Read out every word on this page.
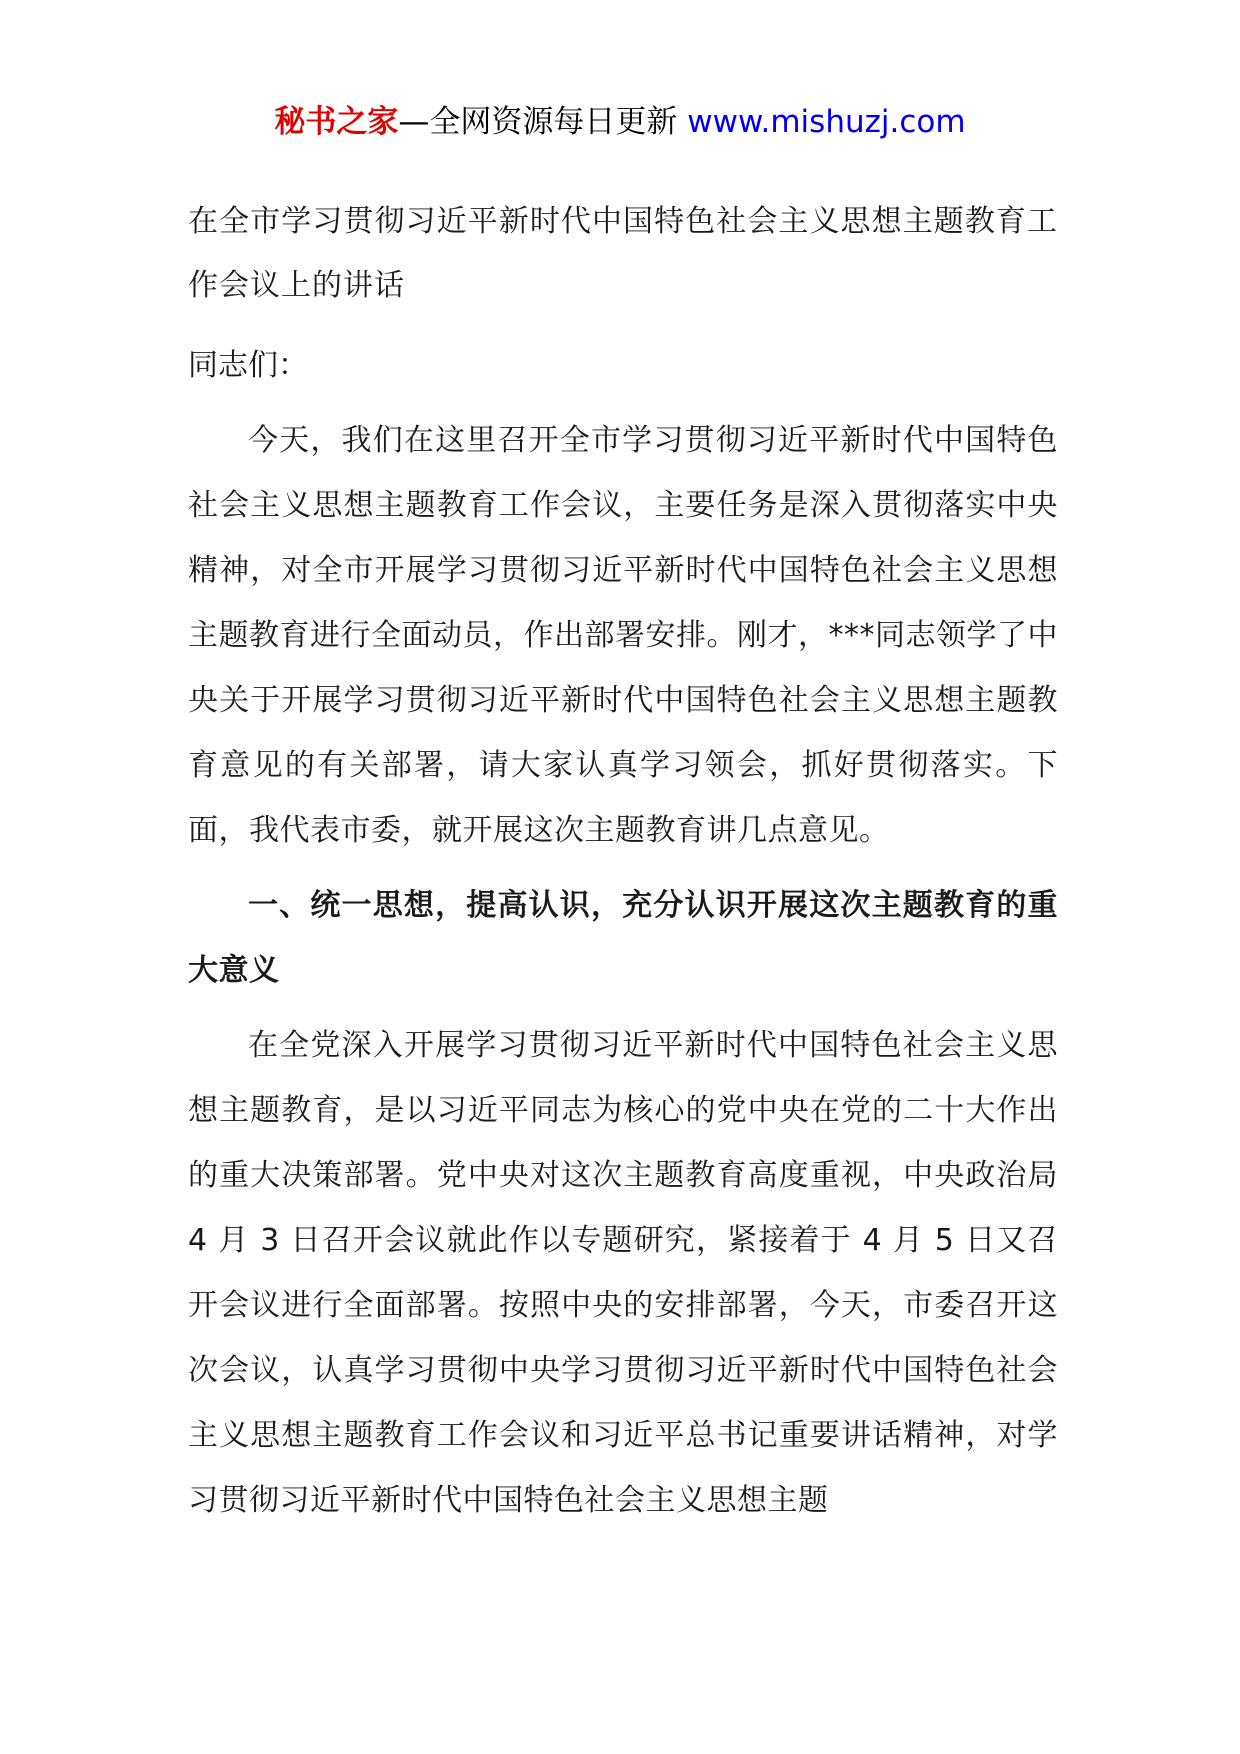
秘书之家—全网资源每日更新 www.mishuzj.com
在全市学习贯彻习近平新时代中国特色社会主义思想主题教育工作会议上的讲话

同志们：

今天，我们在这里召开全市学习贯彻习近平新时代中国特色社会主义思想主题教育工作会议，主要任务是深入贯彻落实中央精神，对全市开展学习贯彻习近平新时代中国特色社会主义思想主题教育进行全面动员，作出部署安排。刚才，***同志领学了中央关于开展学习贯彻习近平新时代中国特色社会主义思想主题教育意见的有关部署，请大家认真学习领会，抓好贯彻落实。下面，我代表市委，就开展这次主题教育讲几点意见。

一、统一思想，提高认识，充分认识开展这次主题教育的重大意义

在全党深入开展学习贯彻习近平新时代中国特色社会主义思想主题教育，是以习近平同志为核心的党中央在党的二十大作出的重大决策部署。党中央对这次主题教育高度重视，中央政治局 4 月 3 日召开会议就此作以专题研究，紧接着于 4 月 5 日又召开会议进行全面部署。按照中央的安排部署，今天，市委召开这次会议，认真学习贯彻中央学习贯彻习近平新时代中国特色社会主义思想主题教育工作会议和习近平总书记重要讲话精神，对学习贯彻习近平新时代中国特色社会主义思想主题
